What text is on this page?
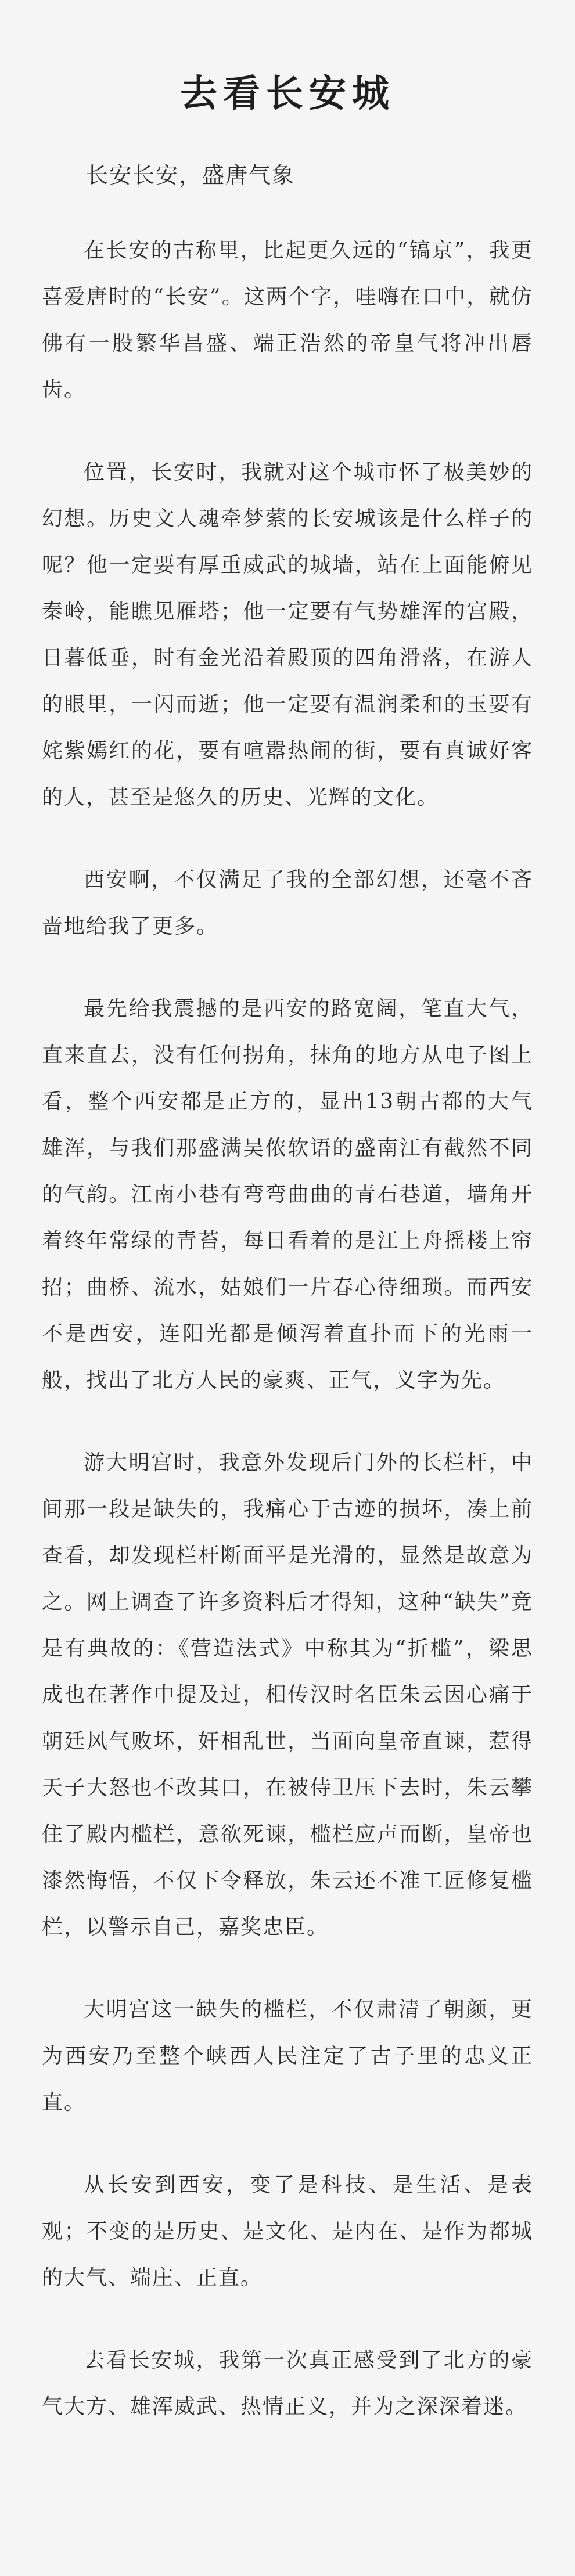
去看长安城

长安长安，盛唐气象

在长安的古称里，比起更久远的“镐京”，我更喜爱唐时的“长安”。这两个字，哇嗨在口中，就仿佛有一股繁华昌盛、端正浩然的帝皇气将冲出唇齿。

位置，长安时，我就对这个城市怀了极美妙的幻想。历史文人魂牵梦萦的长安城该是什么样子的呢？他一定要有厚重威武的城墙，站在上面能俯见秦岭，能瞧见雁塔；他一定要有气势雄浑的宫殿，日暮低垂，时有金光沿着殿顶的四角滑落，在游人的眼里，一闪而逝；他一定要有温润柔和的玉要有姹紫嫣红的花，要有喧嚣热闹的街，要有真诚好客的人，甚至是悠久的历史、光辉的文化。

西安啊，不仅满足了我的全部幻想，还毫不吝啬地给我了更多。

最先给我震撼的是西安的路宽阔，笔直大气，直来直去，没有任何拐角，抹角的地方从电子图上看，整个西安都是正方的，显出13朝古都的大气雄浑，与我们那盛满吴侬软语的盛南江有截然不同的气韵。江南小巷有弯弯曲曲的青石巷道，墙角开着终年常绿的青苔，每日看着的是江上舟摇楼上帘招；曲桥、流水，姑娘们一片春心待细琐。而西安不是西安，连阳光都是倾泻着直扑而下的光雨一般，找出了北方人民的豪爽、正气，义字为先。

游大明宫时，我意外发现后门外的长栏杆，中间那一段是缺失的，我痛心于古迹的损坏，凑上前查看，却发现栏杆断面平是光滑的，显然是故意为之。网上调查了许多资料后才得知，这种“缺失”竟是有典故的：《营造法式》中称其为“折槛”，梁思成也在著作中提及过，相传汉时名臣朱云因心痛于朝廷风气败坏，奸相乱世，当面向皇帝直谏，惹得天子大怒也不改其口，在被侍卫压下去时，朱云攀住了殿内槛栏，意欲死谏，槛栏应声而断，皇帝也漆然悔悟，不仅下令释放，朱云还不准工匠修复槛栏，以警示自己，嘉奖忠臣。

大明宫这一缺失的槛栏，不仅肃清了朝颜，更为西安乃至整个峡西人民注定了古子里的忠义正直。

从长安到西安，变了是科技、是生活、是表观；不变的是历史、是文化、是内在、是作为都城的大气、端庄、正直。

去看长安城，我第一次真正感受到了北方的豪气大方、雄浑威武、热情正义，并为之深深着迷。
